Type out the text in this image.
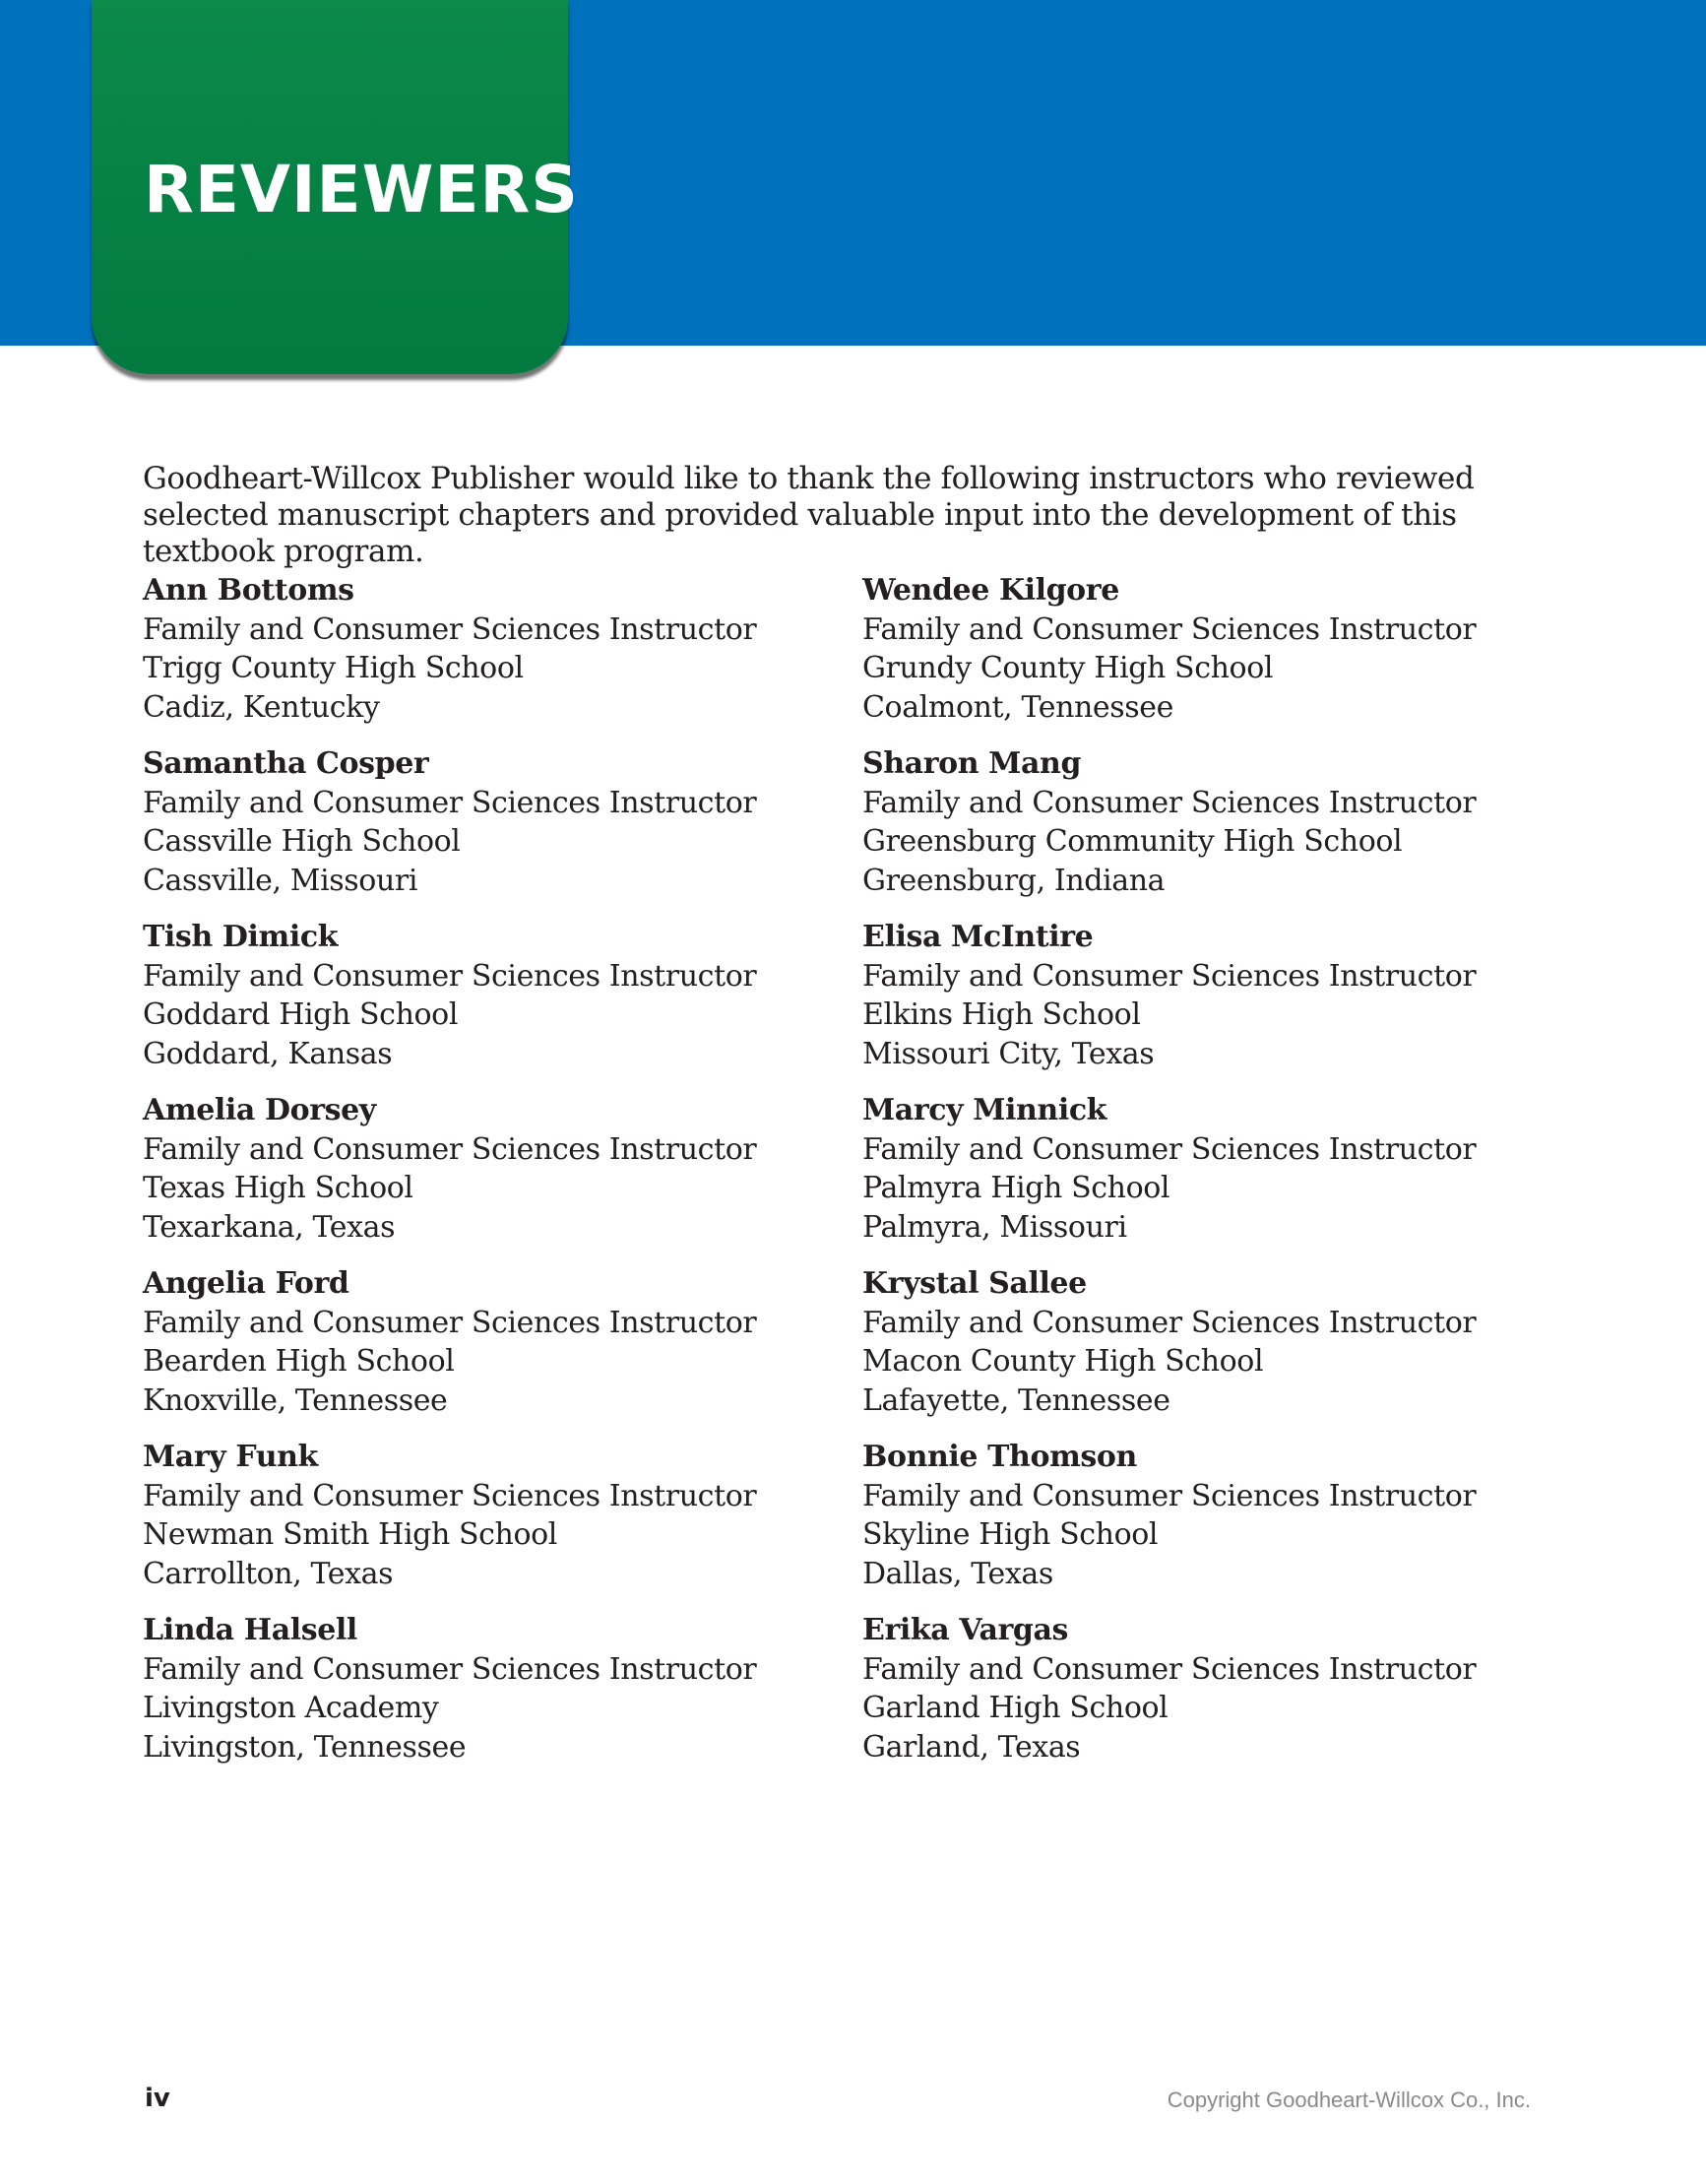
REVIEWERS

Goodheart-Willcox Publisher would like to thank the following instructors who reviewed selected manuscript chapters and provided valuable input into the development of this textbook program.

Ann Bottoms
Family and Consumer Sciences Instructor
Trigg County High School
Cadiz, Kentucky
Samantha Cosper
Family and Consumer Sciences Instructor
Cassville High School
Cassville, Missouri
Tish Dimick
Family and Consumer Sciences Instructor
Goddard High School
Goddard, Kansas
Amelia Dorsey
Family and Consumer Sciences Instructor
Texas High School
Texarkana, Texas
Angelia Ford
Family and Consumer Sciences Instructor
Bearden High School
Knoxville, Tennessee
Mary Funk
Family and Consumer Sciences Instructor
Newman Smith High School
Carrollton, Texas
Linda Halsell
Family and Consumer Sciences Instructor
Livingston Academy
Livingston, Tennessee
Wendee Kilgore
Family and Consumer Sciences Instructor
Grundy County High School
Coalmont, Tennessee
Sharon Mang
Family and Consumer Sciences Instructor
Greensburg Community High School
Greensburg, Indiana
Elisa McIntire
Family and Consumer Sciences Instructor
Elkins High School
Missouri City, Texas
Marcy Minnick
Family and Consumer Sciences Instructor
Palmyra High School
Palmyra, Missouri
Krystal Sallee
Family and Consumer Sciences Instructor
Macon County High School
Lafayette, Tennessee
Bonnie Thomson
Family and Consumer Sciences Instructor
Skyline High School
Dallas, Texas
Erika Vargas
Family and Consumer Sciences Instructor
Garland High School
Garland, Texas
iv	Copyright Goodheart-Willcox Co., Inc.
